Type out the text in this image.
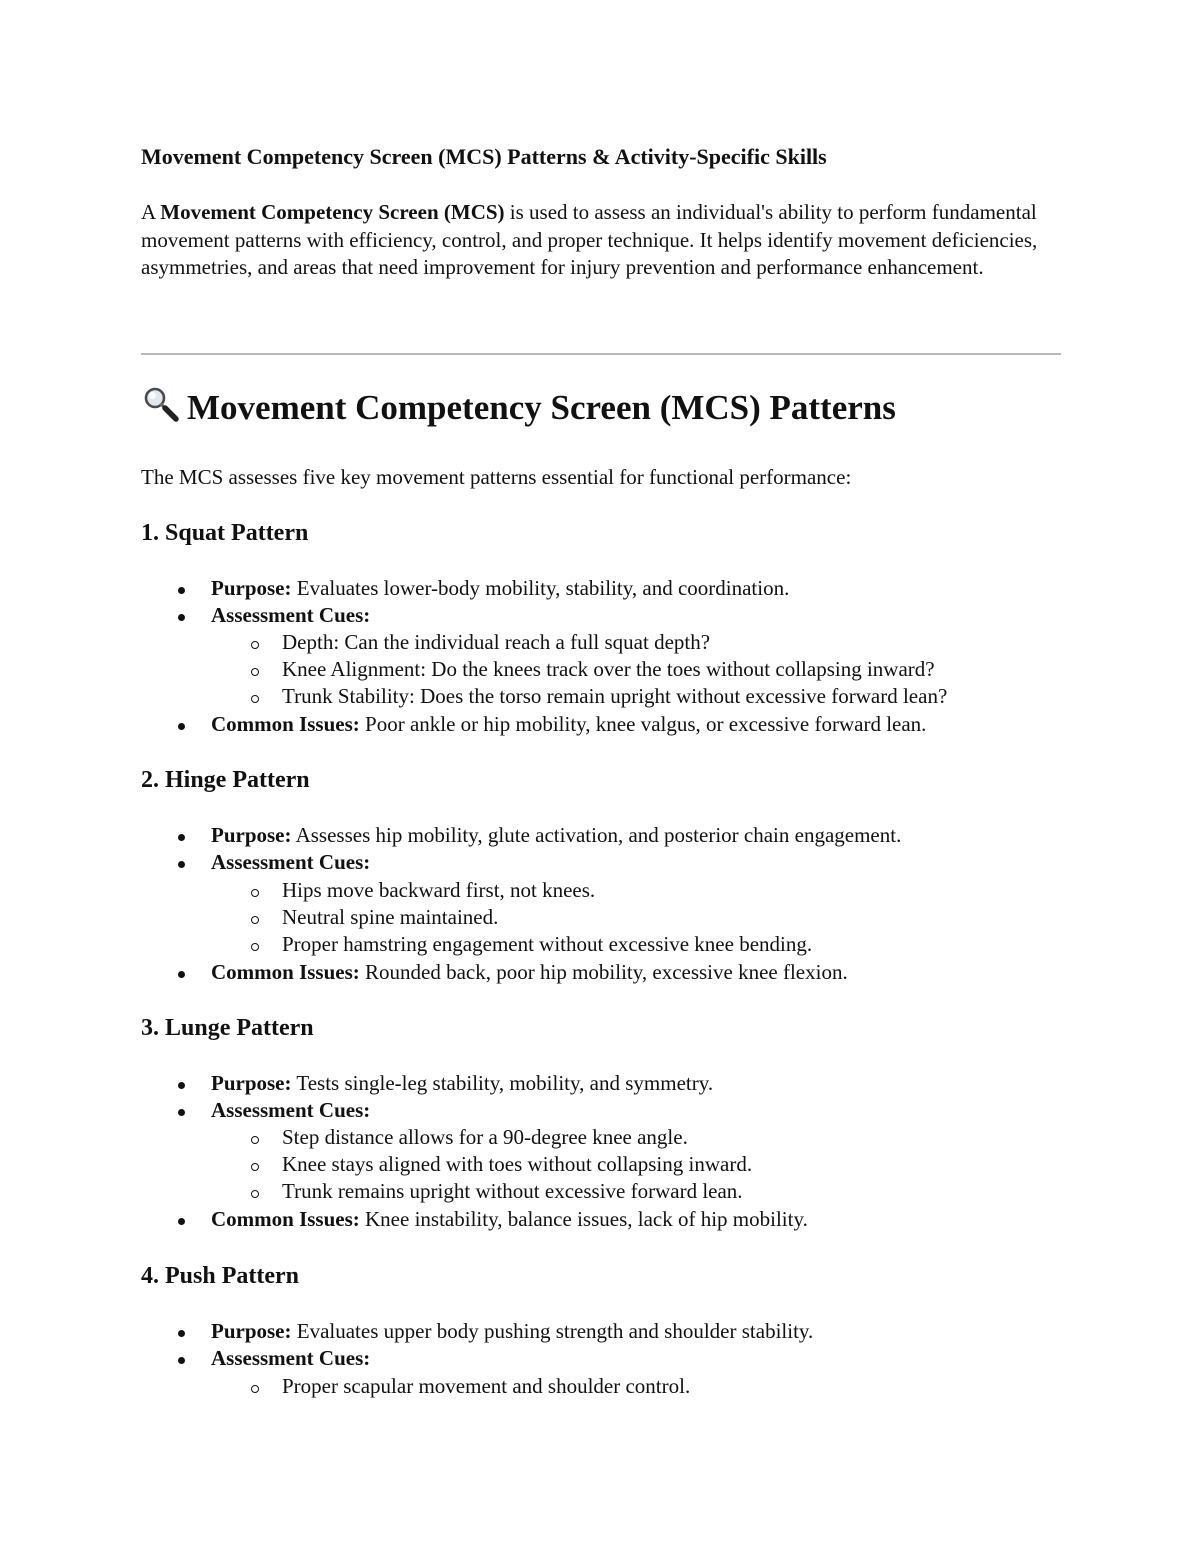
Movement Competency Screen (MCS) Patterns & Activity-Specific Skills
A Movement Competency Screen (MCS) is used to assess an individual's ability to perform fundamental movement patterns with efficiency, control, and proper technique. It helps identify movement deficiencies, asymmetries, and areas that need improvement for injury prevention and performance enhancement.
Movement Competency Screen (MCS) Patterns
The MCS assesses five key movement patterns essential for functional performance:
1. Squat Pattern
Purpose: Evaluates lower-body mobility, stability, and coordination.
Assessment Cues:
Depth: Can the individual reach a full squat depth?
Knee Alignment: Do the knees track over the toes without collapsing inward?
Trunk Stability: Does the torso remain upright without excessive forward lean?
Common Issues: Poor ankle or hip mobility, knee valgus, or excessive forward lean.
2. Hinge Pattern
Purpose: Assesses hip mobility, glute activation, and posterior chain engagement.
Assessment Cues:
Hips move backward first, not knees.
Neutral spine maintained.
Proper hamstring engagement without excessive knee bending.
Common Issues: Rounded back, poor hip mobility, excessive knee flexion.
3. Lunge Pattern
Purpose: Tests single-leg stability, mobility, and symmetry.
Assessment Cues:
Step distance allows for a 90-degree knee angle.
Knee stays aligned with toes without collapsing inward.
Trunk remains upright without excessive forward lean.
Common Issues: Knee instability, balance issues, lack of hip mobility.
4. Push Pattern
Purpose: Evaluates upper body pushing strength and shoulder stability.
Assessment Cues:
Proper scapular movement and shoulder control.
